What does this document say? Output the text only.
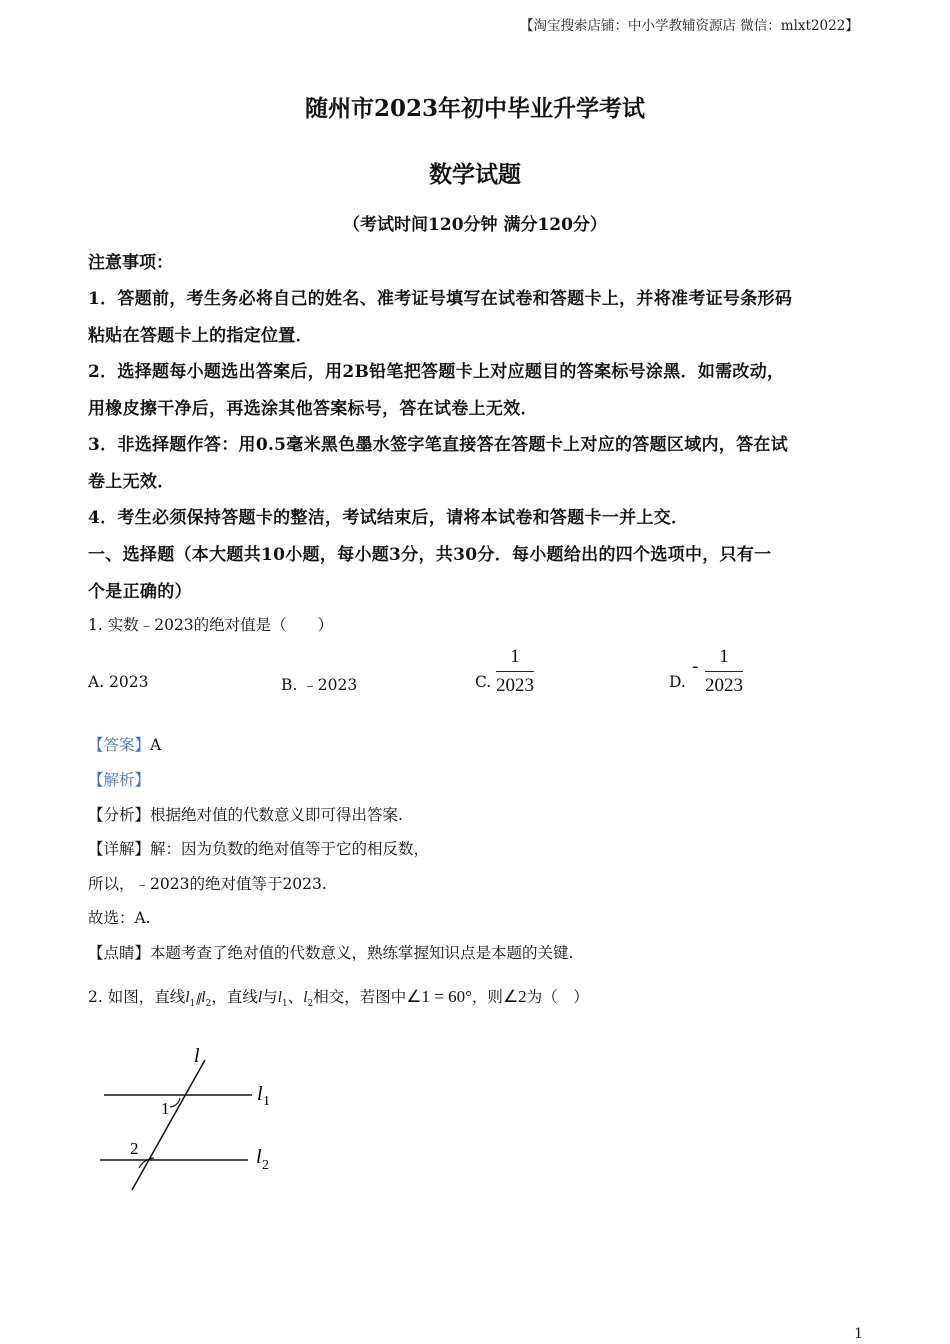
【淘宝搜索店铺：中小学教辅资源店 微信：mlxt2022】
随州市2023年初中毕业升学考试
数学试题
（考试时间120分钟 满分120分）
注意事项：
1．答题前，考生务必将自己的姓名、准考证号填写在试卷和答题卡上，并将准考证号条形码
粘贴在答题卡上的指定位置．
2．选择题每小题选出答案后，用2B铅笔把答题卡上对应题目的答案标号涂黑．如需改动，
用橡皮擦干净后，再选涂其他答案标号，答在试卷上无效．
3．非选择题作答：用0.5毫米黑色墨水签字笔直接答在答题卡上对应的答题区域内，答在试
卷上无效．
4．考生必须保持答题卡的整洁，考试结束后，请将本试卷和答题卡一并上交．
一、选择题（本大题共10小题，每小题3分，共30分．每小题给出的四个选项中，只有一
个是正确的）
1. 实数﹣2023的绝对值是（　　）
A. 2023	B. ﹣2023	C.
1
2023	D.
-	1
2023
【答案】A
【解析】
【分析】根据绝对值的代数意义即可得出答案.
【详解】解：因为负数的绝对值等于它的相反数，
所以，﹣2023的绝对值等于2023.
故选：A.
【点睛】本题考查了绝对值的代数意义，熟练掌握知识点是本题的关键.
2. 如图，直线$l_1\parallel l_2$，直线l与$l_1$、$l_2$相交，若图中∠1 = 60°，则∠2为（　）
l
l 1
l 2
1
2
1
